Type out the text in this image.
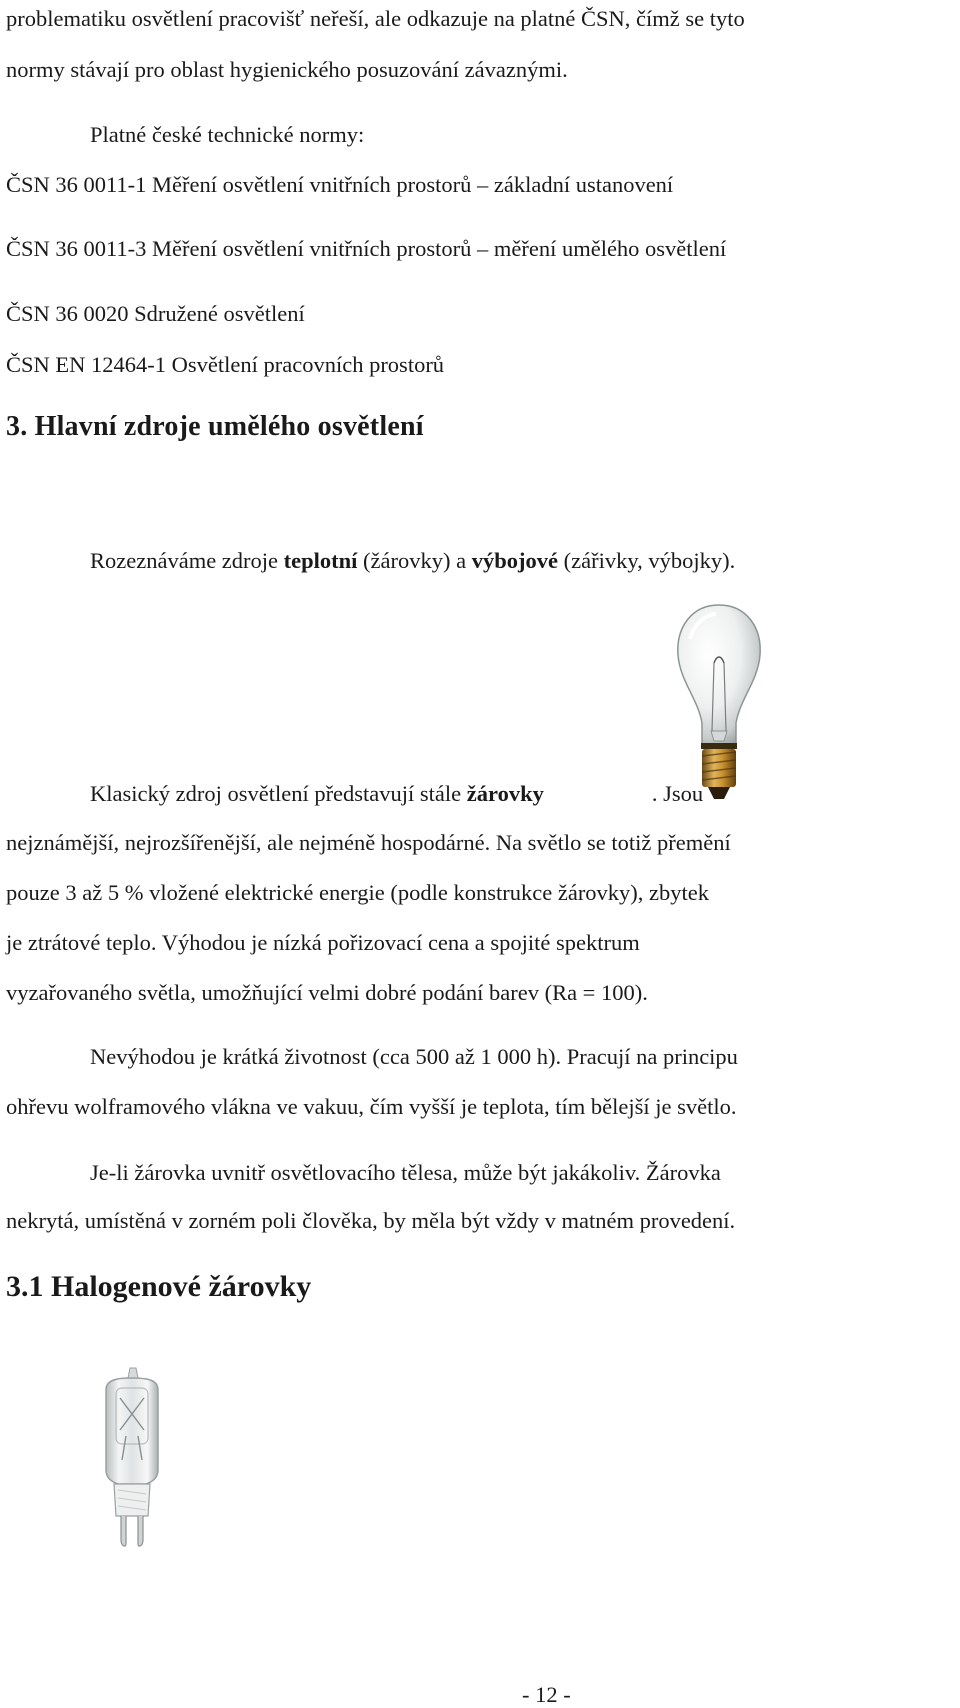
problematiku osvětlení pracovišť neřeší, ale odkazuje na platné ČSN, čímž se tyto
normy stávají pro oblast hygienického posuzování závaznými.
Platné české technické normy:
ČSN 36 0011-1 Měření osvětlení vnitřních prostorů – základní ustanovení
ČSN 36 0011-3 Měření osvětlení vnitřních prostorů – měření umělého osvětlení
ČSN 36 0020 Sdružené osvětlení
ČSN EN 12464-1 Osvětlení pracovních prostorů
3. Hlavní zdroje umělého osvětlení
Rozeznáváme zdroje teplotní (žárovky) a výbojové (zářivky, výbojky).
Klasický zdroj osvětlení představují stále žárovky	. Jsou
nejznámější, nejrozšířenější, ale nejméně hospodárné. Na světlo se totiž přemění
pouze 3 až 5 % vložené elektrické energie (podle konstrukce žárovky), zbytek
je ztrátové teplo. Výhodou je nízká pořizovací cena a spojité spektrum
vyzařovaného světla, umožňující velmi dobré podání barev (Ra = 100).
Nevýhodou je krátká životnost (cca 500 až 1 000 h). Pracují na principu
ohřevu wolframového vlákna ve vakuu, čím vyšší je teplota, tím bělejší je světlo.
Je-li žárovka uvnitř osvětlovacího tělesa, může být jakákoliv. Žárovka
nekrytá, umístěná v zorném poli člověka, by měla být vždy v matném provedení.
3.1 Halogenové žárovky
- 12 -
